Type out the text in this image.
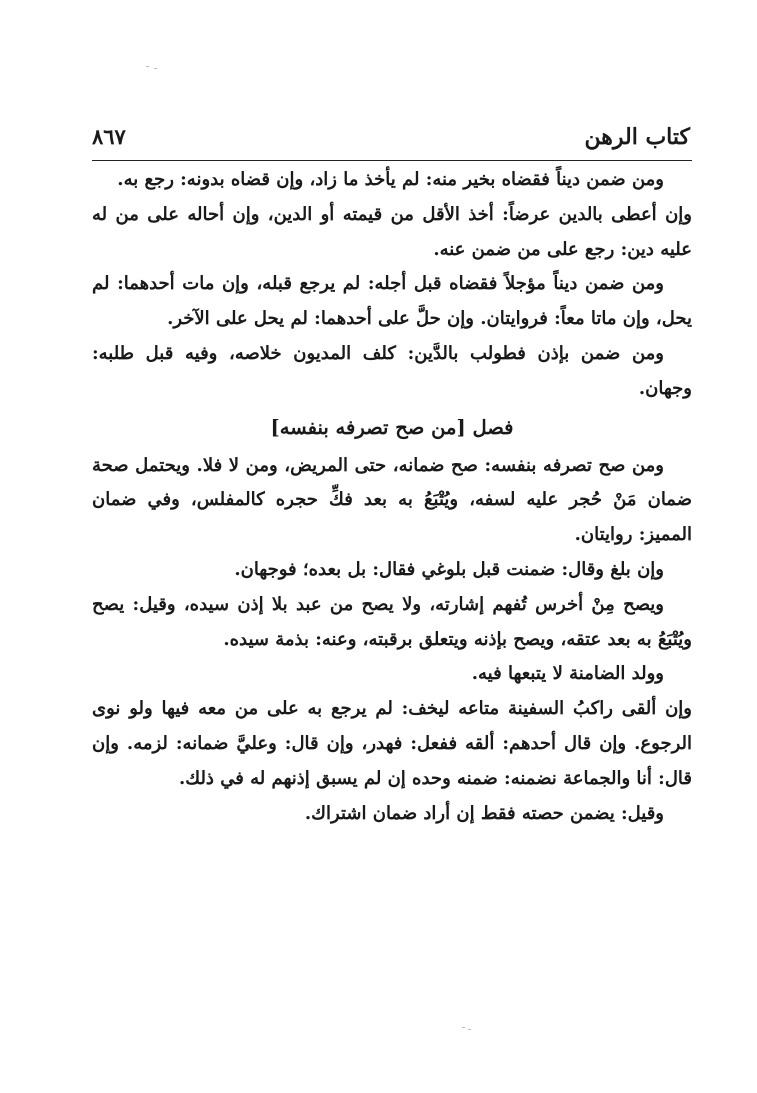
كتاب الرهن
٨٦٧

ومن ضمن ديناً فقضاه بخير منه: لم يأخذ ما زاد، وإن قضاه بدونه: رجع به.

وإن أعطى بالدين عرضاً: أخذ الأقل من قيمته أو الدين، وإن أحاله على من له عليه دين: رجع على من ضمن عنه.

ومن ضمن ديناً مؤجلاً فقضاه قبل أجله: لم يرجع قبله، وإن مات أحدهما: لم يحل، وإن ماتا معاً: فروايتان. وإن حلَّ على أحدهما: لم يحل على الآخر.

ومن ضمن بإذن فطولب بالدَّين: كلف المديون خلاصه، وفيه قبل طلبه: وجهان.

فصل [من صح تصرفه بنفسه]

ومن صح تصرفه بنفسه: صح ضمانه، حتى المريض، ومن لا فلا. ويحتمل صحة ضمان مَنْ حُجر عليه لسفه، ويُتْبَعُ به بعد فكِّ حجره كالمفلس، وفي ضمان المميز: روايتان.

وإن بلغ وقال: ضمنت قبل بلوغي فقال: بل بعده؛ فوجهان.

ويصح مِنْ أخرس تُفهم إشارته، ولا يصح من عبد بلا إذن سيده، وقيل: يصح ويُتْبَعُ به بعد عتقه، ويصح بإذنه ويتعلق برقبته، وعنه: بذمة سيده.

وولد الضامنة لا يتبعها فيه.

وإن ألقى راكبُ السفينة متاعه ليخف: لم يرجع به على من معه فيها ولو نوى الرجوع. وإن قال أحدهم: ألقه ففعل: فهدر، وإن قال: وعليَّ ضمانه: لزمه. وإن قال: أنا والجماعة نضمنه: ضمنه وحده إن لم يسبق إذنهم له في ذلك.

وقيل: يضمن حصته فقط إن أراد ضمان اشتراك.
